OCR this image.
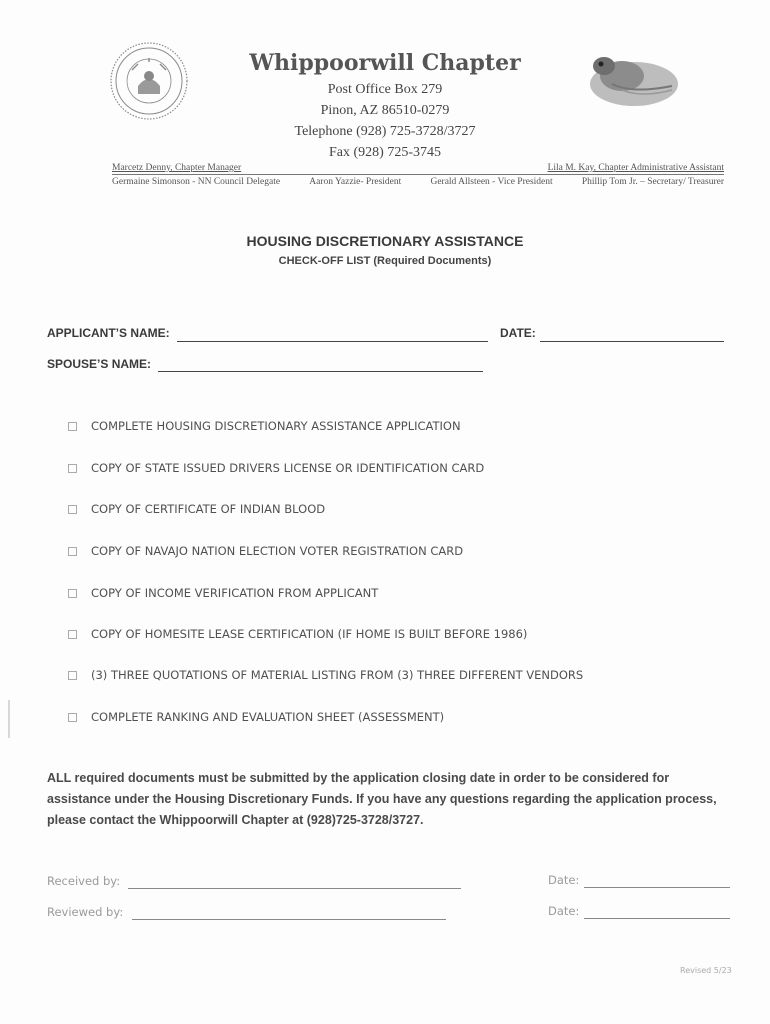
Whippoorwill Chapter
Post Office Box 279
Pinon, AZ 86510-0279
Telephone (928) 725-3728/3727
Fax (928) 725-3745
Marcetz Denny, Chapter Manager	Lila M. Kay, Chapter Administrative Assistant
Germaine Simonson - NN Council Delegate	Aaron Yazzie- President	Gerald Allsteen - Vice President	Phillip Tom Jr. – Secretary/ Treasurer
HOUSING DISCRETIONARY ASSISTANCE
CHECK-OFF LIST (Required Documents)
APPLICANT’S NAME:	DATE:
SPOUSE’S NAME:
COMPLETE HOUSING DISCRETIONARY ASSISTANCE APPLICATION
COPY OF STATE ISSUED DRIVERS LICENSE OR IDENTIFICATION CARD
COPY OF CERTIFICATE OF INDIAN BLOOD
COPY OF NAVAJO NATION ELECTION VOTER REGISTRATION CARD
COPY OF INCOME VERIFICATION FROM APPLICANT
COPY OF HOMESITE LEASE CERTIFICATION (IF HOME IS BUILT BEFORE 1986)
(3) THREE QUOTATIONS OF MATERIAL LISTING FROM (3) THREE DIFFERENT VENDORS
COMPLETE RANKING AND EVALUATION SHEET (ASSESSMENT)
ALL required documents must be submitted by the application closing date in order to be considered for assistance under the Housing Discretionary Funds. If you have any questions regarding the application process, please contact the Whippoorwill Chapter at (928)725-3728/3727.
Received by:	Date:
Reviewed by:	Date:
Revised 5/23
